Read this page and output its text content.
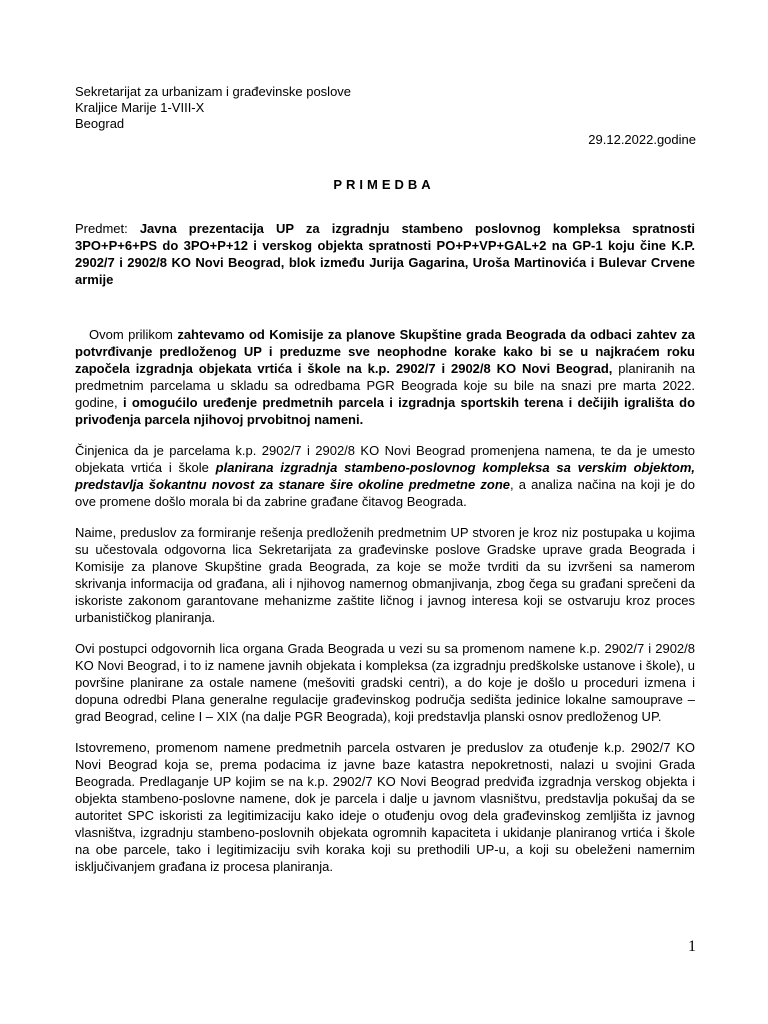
Sekretarijat za urbanizam i građevinske poslove
Kraljice Marije 1-VIII-X
Beograd
29.12.2022.godine
PRIMEDBA

Predmet: Javna prezentacija UP za izgradnju stambeno poslovnog kompleksa spratnosti 3PO+P+6+PS do 3PO+P+12 i verskog objekta spratnosti PO+P+VP+GAL+2 na GP-1 koju čine K.P. 2902/7 i 2902/8 KO Novi Beograd, blok između Jurija Gagarina, Uroša Martinovića i Bulevar Crvene armije

Ovom prilikom zahtevamo od Komisije za planove Skupštine grada Beograda da odbaci zahtev za potvrđivanje predloženog UP i preduzme sve neophodne korake kako bi se u najkraćem roku započela izgradnja objekata vrtića i škole na k.p. 2902/7 i 2902/8 KO Novi Beograd, planiranih na predmetnim parcelama u skladu sa odredbama PGR Beograda koje su bile na snazi pre marta 2022. godine, i omogućilo uređenje predmetnih parcela i izgradnja sportskih terena i dečijih igrališta do privođenja parcela njihovoj prvobitnoj nameni.

Činjenica da je parcelama k.p. 2902/7 i 2902/8 KO Novi Beograd promenjena namena, te da je umesto objekata vrtića i škole planirana izgradnja stambeno-poslovnog kompleksa sa verskim objektom, predstavlja šokantnu novost za stanare šire okoline predmetne zone, a analiza načina na koji je do ove promene došlo morala bi da zabrine građane čitavog Beograda.

Naime, preduslov za formiranje rešenja predloženih predmetnim UP stvoren je kroz niz postupaka u kojima su učestovala odgovorna lica Sekretarijata za građevinske poslove Gradske uprave grada Beograda i Komisije za planove Skupštine grada Beograda, za koje se može tvrditi da su izvršeni sa namerom skrivanja informacija od građana, ali i njihovog namernog obmanjivanja, zbog čega su građani sprečeni da iskoriste zakonom garantovane mehanizme zaštite ličnog i javnog interesa koji se ostvaruju kroz proces urbanističkog planiranja.

Ovi postupci odgovornih lica organa Grada Beograda u vezi su sa promenom namene k.p. 2902/7 i 2902/8 KO Novi Beograd, i to iz namene javnih objekata i kompleksa (za izgradnju predškolske ustanove i škole), u površine planirane za ostale namene (mešoviti gradski centri), a do koje je došlo u proceduri izmena i dopuna odredbi Plana generalne regulacije građevinskog područja sedišta jedinice lokalne samouprave – grad Beograd, celine I – XIX (na dalje PGR Beograda), koji predstavlja planski osnov predloženog UP.

Istovremeno, promenom namene predmetnih parcela ostvaren je preduslov za otuđenje k.p. 2902/7 KO Novi Beograd koja se, prema podacima iz javne baze katastra nepokretnosti, nalazi u svojini Grada Beograda. Predlaganje UP kojim se na k.p. 2902/7 KO Novi Beograd predviđa izgradnja verskog objekta i objekta stambeno-poslovne namene, dok je parcela i dalje u javnom vlasništvu, predstavlja pokušaj da se autoritet SPC iskoristi za legitimizaciju kako ideje o otuđenju ovog dela građevinskog zemljišta iz javnog vlasništva, izgradnju stambeno-poslovnih objekata ogromnih kapaciteta i ukidanje planiranog vrtića i škole na obe parcele, tako i legitimizaciju svih koraka koji su prethodili UP-u, a koji su obeleženi namernim isključivanjem građana iz procesa planiranja.

1
